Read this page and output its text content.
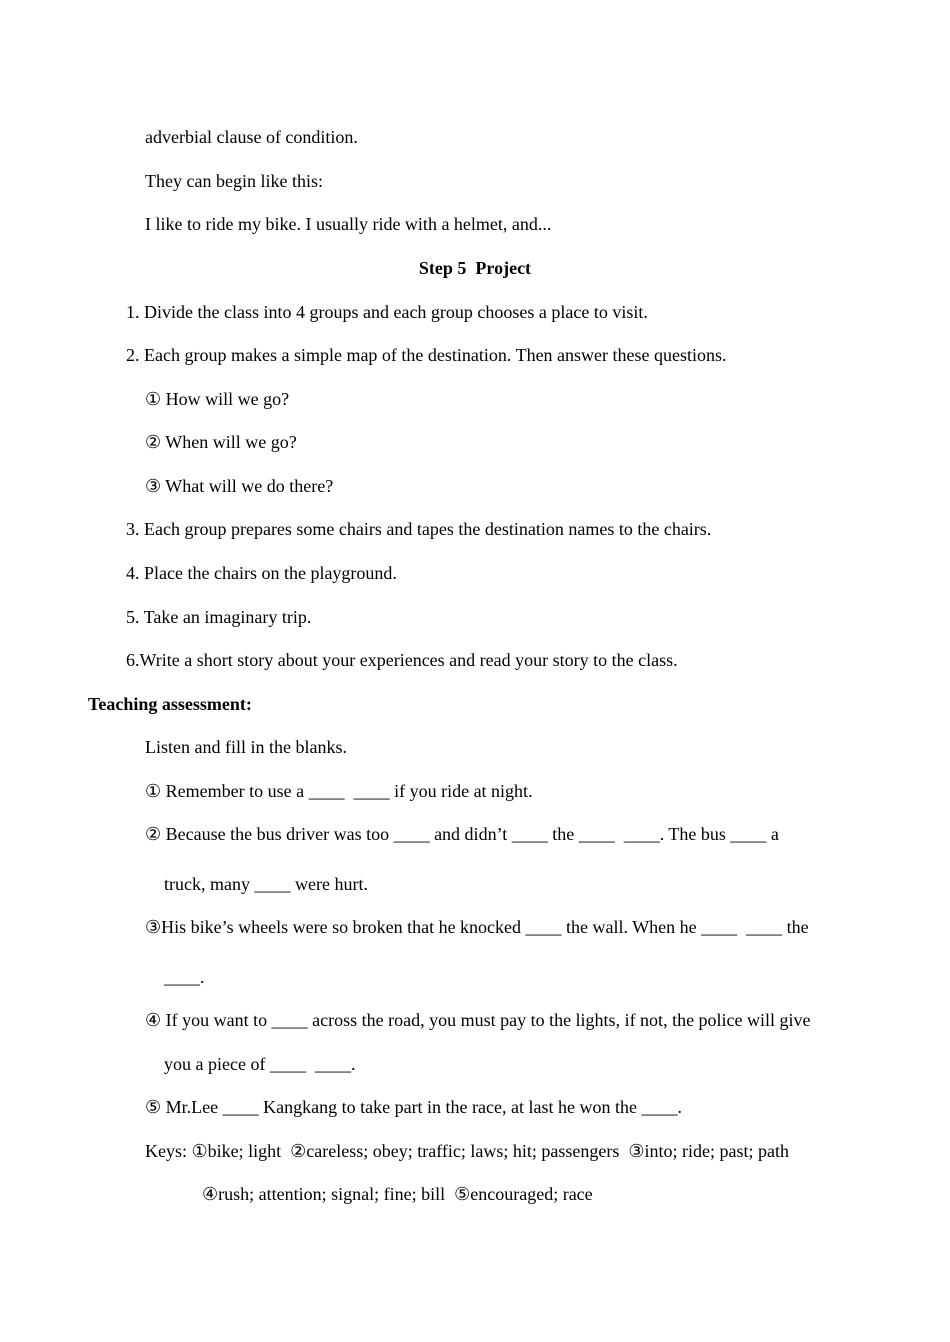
adverbial clause of condition.
They can begin like this:
I like to ride my bike. I usually ride with a helmet, and...
Step 5  Project
1. Divide the class into 4 groups and each group chooses a place to visit.
2. Each group makes a simple map of the destination. Then answer these questions.
① How will we go?
② When will we go?
③ What will we do there?
3. Each group prepares some chairs and tapes the destination names to the chairs.
4. Place the chairs on the playground.
5. Take an imaginary trip.
6.Write a short story about your experiences and read your story to the class.
Teaching assessment:
Listen and fill in the blanks.
① Remember to use a ____  ____ if you ride at night.
② Because the bus driver was too ____ and didn’t ____ the ____  ____. The bus ____ a
truck, many ____ were hurt.
③His bike’s wheels were so broken that he knocked ____ the wall. When he ____  ____ the
____.
④ If you want to ____ across the road, you must pay to the lights, if not, the police will give
you a piece of ____  ____.
⑤ Mr.Lee ____ Kangkang to take part in the race, at last he won the ____.
Keys: ①bike; light  ②careless; obey; traffic; laws; hit; passengers  ③into; ride; past; path
④rush; attention; signal; fine; bill  ⑤encouraged; race
